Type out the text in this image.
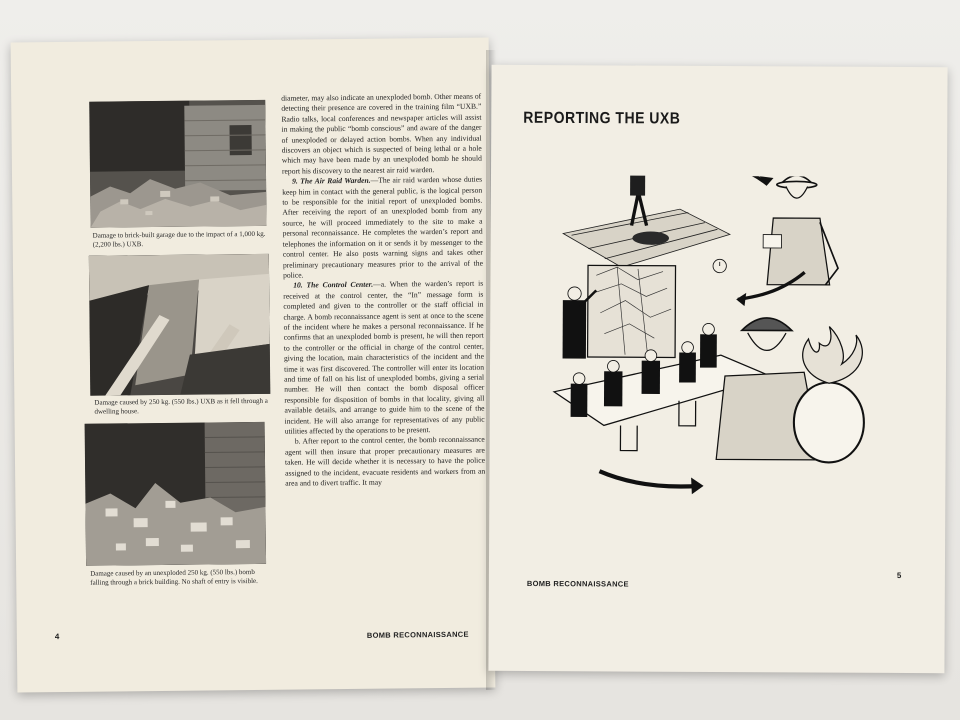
Damage to brick-built garage due to the impact of a 1,000 kg. (2,200 lbs.) UXB.
Damage caused by 250 kg. (550 lbs.) UXB as it fell through a dwelling house.
Damage caused by an unexploded 250 kg. (550 lbs.) bomb falling through a brick building. No shaft of entry is visible.

diameter, may also indicate an unexploded bomb. Other means of detecting their presence are covered in the training film “UXB.” Radio talks, local conferences and newspaper articles will assist in making the public “bomb conscious” and aware of the danger of unexploded or delayed action bombs. When any individual discovers an object which is suspected of being lethal or a hole which may have been made by an unexploded bomb he should report his discovery to the nearest air raid warden.

9. The Air Raid Warden.—The air raid warden whose duties keep him in contact with the general public, is the logical person to be responsible for the initial report of unexploded bombs. After receiving the report of an unexploded bomb from any source, he will proceed immediately to the site to make a personal reconnaissance. He completes the warden’s report and telephones the information on it or sends it by messenger to the control center. He also posts warning signs and takes other preliminary precautionary measures prior to the arrival of the police.

10. The Control Center.—a. When the warden’s report is received at the control center, the “In” message form is completed and given to the controller or the staff official in charge. A bomb reconnaissance agent is sent at once to the scene of the incident where he makes a personal reconnaissance. If he confirms that an unexploded bomb is present, he will then report to the controller or the official in charge of the control center, giving the location, main characteristics of the incident and the time it was first discovered. The controller will enter its location and time of fall on his list of unexploded bombs, giving a serial number. He will then contact the bomb disposal officer responsible for disposition of bombs in that locality, giving all available details, and arrange to guide him to the scene of the incident. He will also arrange for representatives of any public utilities affected by the operations to be present.

b. After report to the control center, the bomb reconnaissance agent will then insure that proper precautionary measures are taken. He will decide whether it is necessary to have the police assigned to the incident, evacuate residents and workers from an area and to divert traffic. It may

4	BOMB RECONNAISSANCE
REPORTING THE UXB
BOMB RECONNAISSANCE
5
